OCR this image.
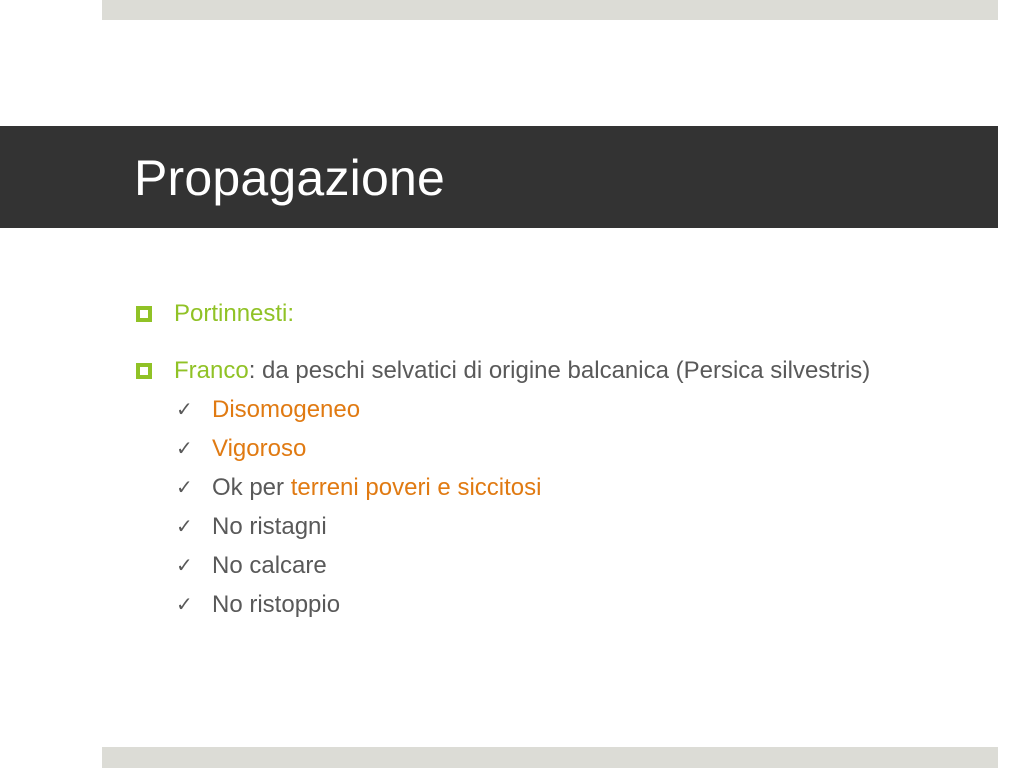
Propagazione
Portinnesti:
Franco: da peschi selvatici di origine balcanica (Persica silvestris)
✓ Disomogeneo
✓ Vigoroso
✓ Ok per terreni poveri e siccitosi
✓ No ristagni
✓ No calcare
✓ No ristoppio
